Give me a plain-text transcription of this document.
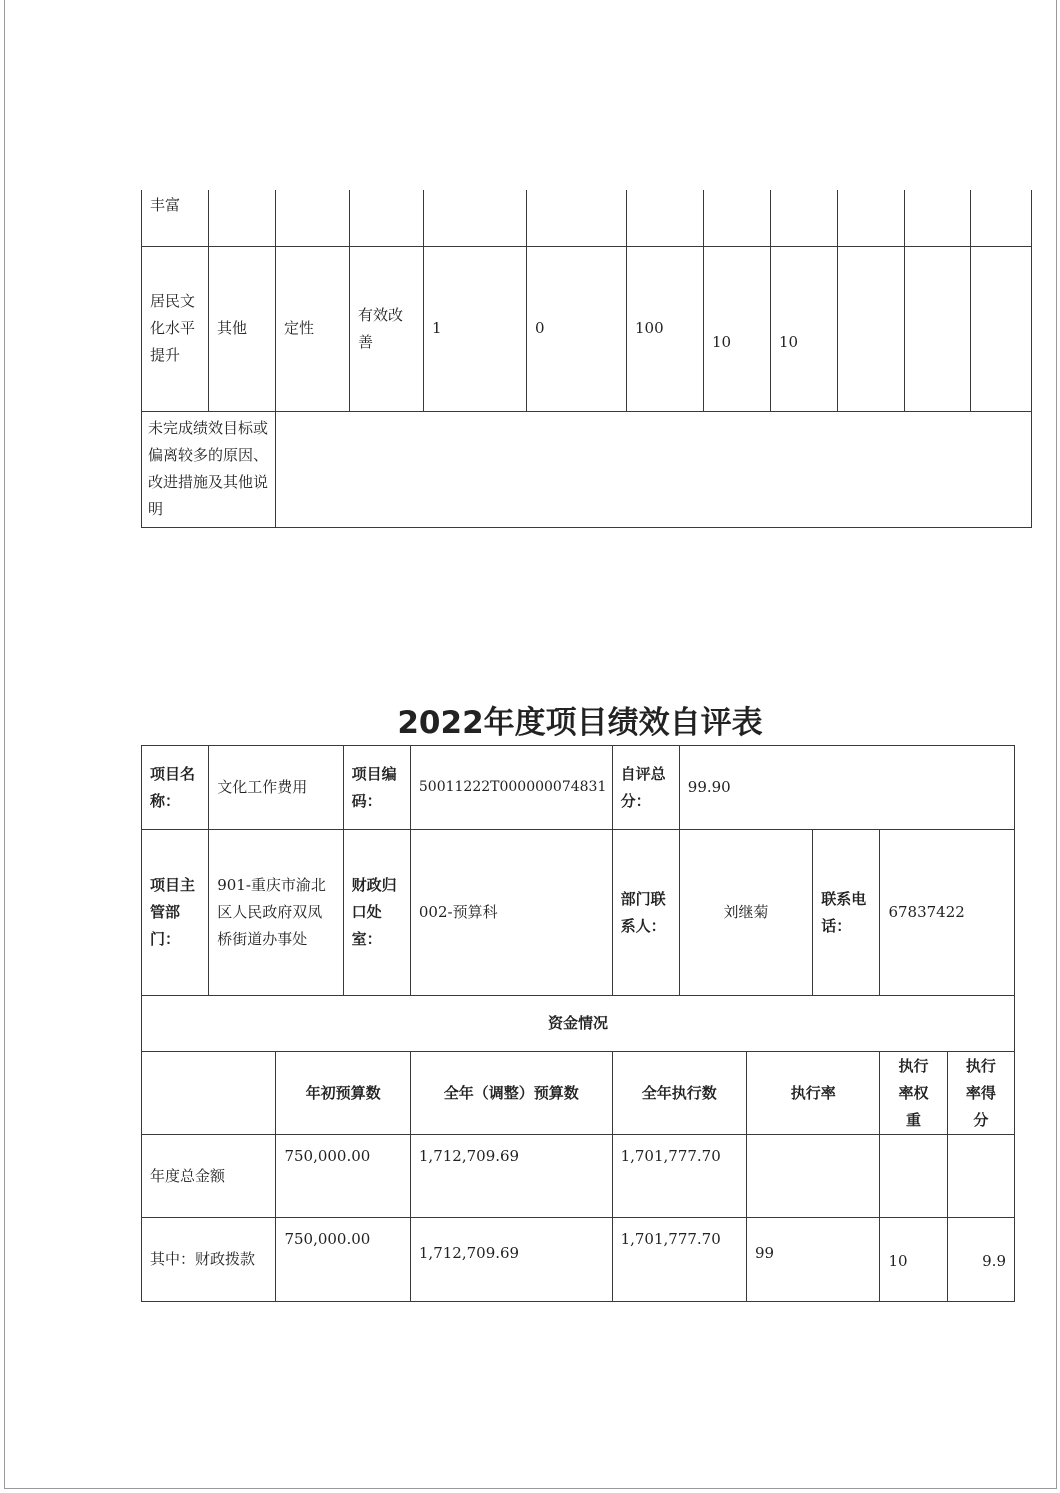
丰富											
居民文化水平提升	其他	定性	有效改善	1	0	100	10	10			
未完成绩效目标或偏离较多的原因、改进措施及其他说明											
2022年度项目绩效自评表
项目名称：	文化工作费用		项目编码：	50011222T000000074831	自评总分：	99.90				
项目主管部门：	901-重庆市渝北区人民政府双凤桥街道办事处		财政归口处室：	002-预算科	部门联系人：	刘继菊		联系电话：	67837422	
资金情况										
		年初预算数		全年（调整）预算数	全年执行数		执行率		执行率权重	执行率得分
年度总金额		750,000.00		1,712,709.69	1,701,777.70					
其中：财政拨款		750,000.00		1,712,709.69	1,701,777.70		99		10	9.9
